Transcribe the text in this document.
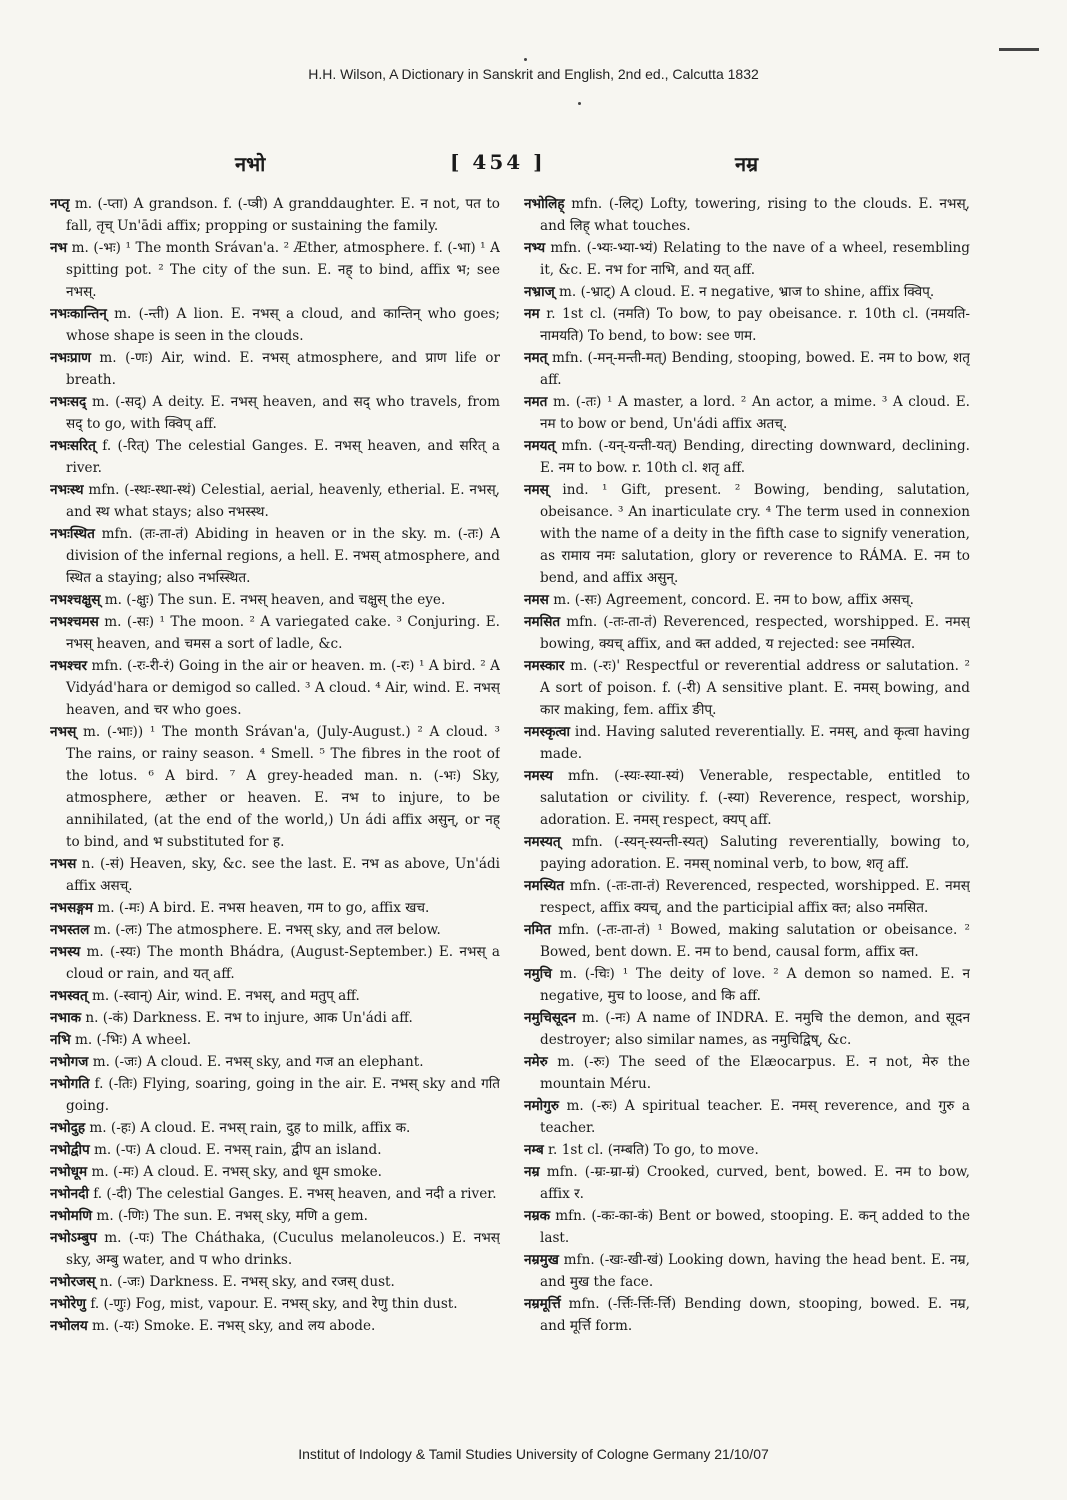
H.H. Wilson, A Dictionary in Sanskrit and English, 2nd ed., Calcutta 1832
नभो	[ 454 ]	नम्र

नप्तृ m. (-प्ता) A grandson. f. (-प्त्री) A granddaughter. E. न not, पत to fall, तृच् Un'ādi affix; propping or sustaining the family.

नभ m. (-भः) ¹ The month Srávan'a. ² Æther, atmosphere. f. (-भा) ¹ A spitting pot. ² The city of the sun. E. नह् to bind, affix भ; see नभस्.

नभःकान्तिन् m. (-न्ती) A lion. E. नभस् a cloud, and कान्तिन् who goes; whose shape is seen in the clouds.

नभःप्राण m. (-णः) Air, wind. E. नभस् atmosphere, and प्राण life or breath.

नभःसद् m. (-सद्) A deity. E. नभस् heaven, and सद् who travels, from सद् to go, with क्विप् aff.

नभःसरित् f. (-रित्) The celestial Ganges. E. नभस् heaven, and सरित् a river.

नभःस्थ mfn. (-स्थः-स्था-स्थं) Celestial, aerial, heavenly, etherial. E. नभस्, and स्थ what stays; also नभस्स्थ.

नभःस्थित mfn. (तः-ता-तं) Abiding in heaven or in the sky. m. (-तः) A division of the infernal regions, a hell. E. नभस् atmosphere, and स्थित a staying; also नभस्स्थित.

नभश्चक्षुस् m. (-क्षुः) The sun. E. नभस् heaven, and चक्षुस् the eye.

नभश्चमस m. (-सः) ¹ The moon. ² A variegated cake. ³ Conjuring. E. नभस् heaven, and चमस a sort of ladle, &c.

नभश्चर mfn. (-रः-री-रं) Going in the air or heaven. m. (-रः) ¹ A bird. ² A Vidyád'hara or demigod so called. ³ A cloud. ⁴ Air, wind. E. नभस् heaven, and चर who goes.

नभस् m. (-भाः)) ¹ The month Srávan'a, (July-August.) ² A cloud. ³ The rains, or rainy season. ⁴ Smell. ⁵ The fibres in the root of the lotus. ⁶ A bird. ⁷ A grey-headed man. n. (-भः) Sky, atmosphere, æther or heaven. E. नभ to injure, to be annihilated, (at the end of the world,) Un ádi affix असुन्, or नह् to bind, and भ substituted for ह.

नभस n. (-सं) Heaven, sky, &c. see the last. E. नभ as above, Un'ádi affix असच्.

नभसङ्गम m. (-मः) A bird. E. नभस heaven, गम to go, affix खच.

नभस्तल m. (-लः) The atmosphere. E. नभस् sky, and तल below.

नभस्य m. (-स्यः) The month Bhádra, (August-September.) E. नभस् a cloud or rain, and यत् aff.

नभस्वत् m. (-स्वान्) Air, wind. E. नभस्, and मतुप् aff.

नभाक n. (-कं) Darkness. E. नभ to injure, आक Un'ádi aff.

नभि m. (-भिः) A wheel.

नभोगज m. (-जः) A cloud. E. नभस् sky, and गज an elephant.

नभोगति f. (-तिः) Flying, soaring, going in the air. E. नभस् sky and गति going.

नभोदुह m. (-हः) A cloud. E. नभस् rain, दुह to milk, affix क.

नभोद्वीप m. (-पः) A cloud. E. नभस् rain, द्वीप an island.

नभोधूम m. (-मः) A cloud. E. नभस् sky, and धूम smoke.

नभोनदी f. (-दी) The celestial Ganges. E. नभस् heaven, and नदी a river.

नभोमणि m. (-णिः) The sun. E. नभस् sky, मणि a gem.

नभोऽम्बुप m. (-पः) The Cháthaka, (Cuculus melanoleucos.) E. नभस् sky, अम्बु water, and प who drinks.

नभोरजस् n. (-जः) Darkness. E. नभस् sky, and रजस् dust.

नभोरेणु f. (-णुः) Fog, mist, vapour. E. नभस् sky, and रेणु thin dust.

नभोलय m. (-यः) Smoke. E. नभस् sky, and लय abode.

नभोलिह् mfn. (-लिट्) Lofty, towering, rising to the clouds. E. नभस्, and लिह् what touches.

नभ्य mfn. (-भ्यः-भ्या-भ्यं) Relating to the nave of a wheel, resembling it, &c. E. नभ for नाभि, and यत् aff.

नभ्राज् m. (-भ्राट्) A cloud. E. न negative, भ्राज to shine, affix क्विप्.

नम r. 1st cl. (नमति) To bow, to pay obeisance. r. 10th cl. (नमयति-नामयति) To bend, to bow: see णम.

नमत् mfn. (-मन्-मन्ती-मत्) Bending, stooping, bowed. E. नम to bow, शतृ aff.

नमत m. (-तः) ¹ A master, a lord. ² An actor, a mime. ³ A cloud. E. नम to bow or bend, Un'ádi affix अतच्.

नमयत् mfn. (-यन्-यन्ती-यत्) Bending, directing downward, declining. E. नम to bow. r. 10th cl. शतृ aff.

नमस् ind. ¹ Gift, present. ² Bowing, bending, salutation, obeisance. ³ An inarticulate cry. ⁴ The term used in connexion with the name of a deity in the fifth case to signify veneration, as रामाय नमः salutation, glory or reverence to RÁMA. E. नम to bend, and affix असुन्.

नमस m. (-सः) Agreement, concord. E. नम to bow, affix असच्.

नमसित mfn. (-तः-ता-तं) Reverenced, respected, worshipped. E. नमस् bowing, क्यच् affix, and क्त added, य rejected: see नमस्यित.

नमस्कार m. (-रः)' Respectful or reverential address or salutation. ² A sort of poison. f. (-री) A sensitive plant. E. नमस् bowing, and कार making, fem. affix ङीप्.

नमस्कृत्वा ind. Having saluted reverentially. E. नमस्, and कृत्वा having made.

नमस्य mfn. (-स्यः-स्या-स्यं) Venerable, respectable, entitled to salutation or civility. f. (-स्या) Reverence, respect, worship, adoration. E. नमस् respect, क्यप् aff.

नमस्यत् mfn. (-स्यन्-स्यन्ती-स्यत्) Saluting reverentially, bowing to, paying adoration. E. नमस् nominal verb, to bow, शतृ aff.

नमस्यित mfn. (-तः-ता-तं) Reverenced, respected, worshipped. E. नमस् respect, affix क्यच्, and the participial affix क्त; also नमसित.

नमित mfn. (-तः-ता-तं) ¹ Bowed, making salutation or obeisance. ² Bowed, bent down. E. नम to bend, causal form, affix क्त.

नमुचि m. (-चिः) ¹ The deity of love. ² A demon so named. E. न negative, मुच to loose, and कि aff.

नमुचिसूदन m. (-नः) A name of INDRA. E. नमुचि the demon, and सूदन destroyer; also similar names, as नमुचिद्विष्, &c.

नमेरु m. (-रुः) The seed of the Elæocarpus. E. न not, मेरु the mountain Méru.

नमोगुरु m. (-रुः) A spiritual teacher. E. नमस् reverence, and गुरु a teacher.

नम्ब r. 1st cl. (नम्बति) To go, to move.

नम्र mfn. (-म्रः-म्रा-म्रं) Crooked, curved, bent, bowed. E. नम to bow, affix र.

नम्रक mfn. (-कः-का-कं) Bent or bowed, stooping. E. कन् added to the last.

नम्रमुख mfn. (-खः-खी-खं) Looking down, having the head bent. E. नम्र, and मुख the face.

नम्रमूर्त्ति mfn. (-र्त्तिः-र्त्तिः-र्त्ति) Bending down, stooping, bowed. E. नम्र, and मूर्त्ति form.

Institut of Indology & Tamil Studies University of Cologne Germany 21/10/07
